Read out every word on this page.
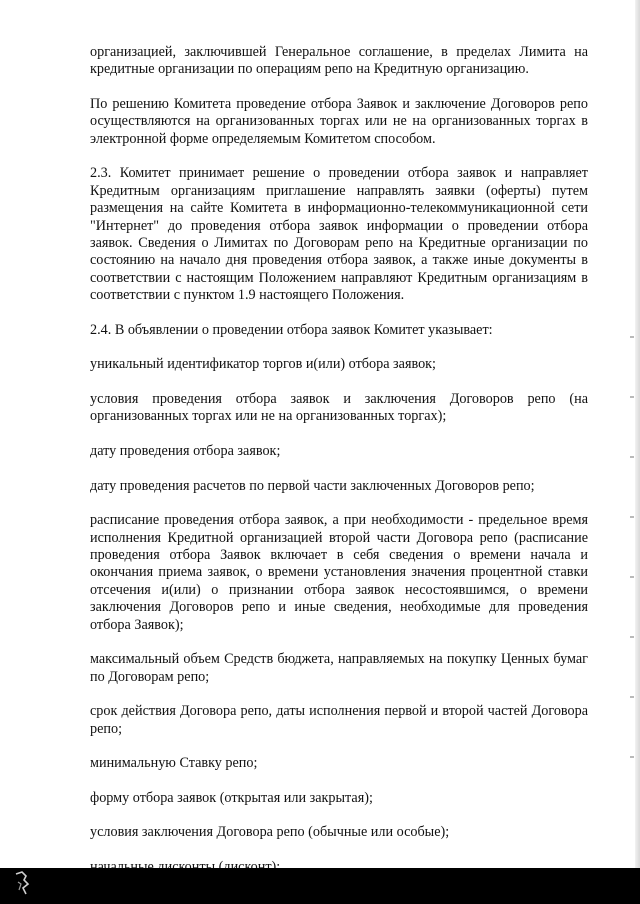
организацией, заключившей Генеральное соглашение, в пределах Лимита на кредитные организации по операциям репо на Кредитную организацию.

По решению Комитета проведение отбора Заявок и заключение Договоров репо осуществляются на организованных торгах или не на организованных торгах в электронной форме определяемым Комитетом способом.

2.3. Комитет принимает решение о проведении отбора заявок и направляет Кредитным организациям приглашение направлять заявки (оферты) путем размещения на сайте Комитета в информационно-телекоммуникационной сети "Интернет" до проведения отбора заявок информации о проведении отбора заявок. Сведения о Лимитах по Договорам репо на Кредитные организации по состоянию на начало дня проведения отбора заявок, а также иные документы в соответствии с настоящим Положением направляют Кредитным организациям в соответствии с пунктом 1.9 настоящего Положения.

2.4. В объявлении о проведении отбора заявок Комитет указывает:

уникальный идентификатор торгов и(или) отбора заявок;

условия проведения отбора заявок и заключения Договоров репо (на организованных торгах или не на организованных торгах);

дату проведения отбора заявок;

дату проведения расчетов по первой части заключенных Договоров репо;

расписание проведения отбора заявок, а при необходимости - предельное время исполнения Кредитной организацией второй части Договора репо (расписание проведения отбора Заявок включает в себя сведения о времени начала и окончания приема заявок, о времени установления значения процентной ставки отсечения и(или) о признании отбора заявок несостоявшимся, о времени заключения Договоров репо и иные сведения, необходимые для проведения отбора Заявок);

максимальный объем Средств бюджета, направляемых на покупку Ценных бумаг по Договорам репо;

срок действия Договора репо, даты исполнения первой и второй частей Договора репо;

минимальную Ставку репо;

форму отбора заявок (открытая или закрытая);

условия заключения Договора репо (обычные или особые);
